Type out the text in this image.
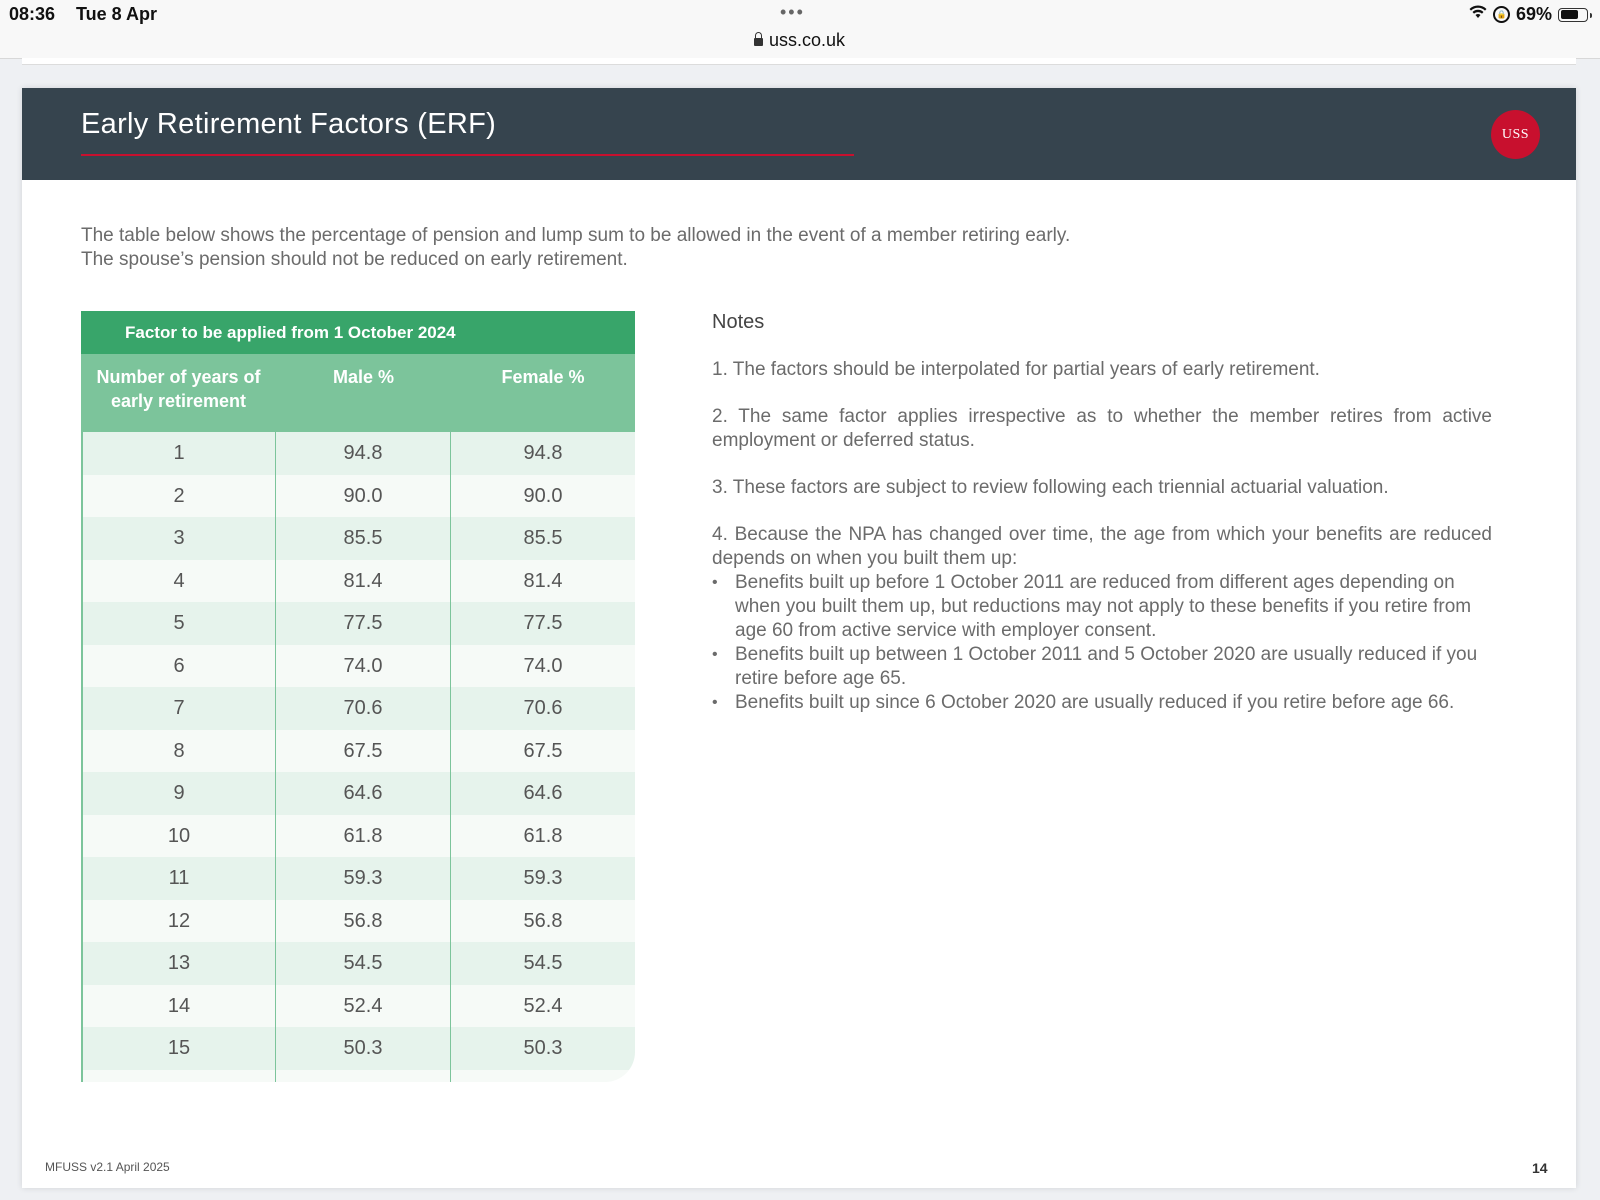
08:36 Tue 8 Apr	•••
uss.co.uk
🔒 69%
Early Retirement Factors (ERF)	USS

The table below shows the percentage of pension and lump sum to be allowed in the event of a member retiring early.

The spouse’s pension should not be reduced on early retirement.

Factor to be applied from 1 October 2024
Number of years of early retirement
Male %	Female %
1	94.8	94.8
2	90.0	90.0
3	85.5	85.5
4	81.4	81.4
5	77.5	77.5
6	74.0	74.0
7	70.6	70.6
8	67.5	67.5
9	64.6	64.6
10	61.8	61.8
11	59.3	59.3
12	56.8	56.8
13	54.5	54.5
14	52.4	52.4
15	50.3	50.3
Notes

1. The factors should be interpolated for partial years of early retirement.

2. The same factor applies irrespective as to whether the member retires from active employment or deferred status.

3. These factors are subject to review following each triennial actuarial valuation.

4. Because the NPA has changed over time, the age from which your benefits are reduced depends on when you built them up:

• Benefits built up before 1 October 2011 are reduced from different ages depending on when you built them up, but reductions may not apply to these benefits if you retire from age 60 from active service with employer consent.
• Benefits built up between 1 October 2011 and 5 October 2020 are usually reduced if you retire before age 65.
• Benefits built up since 6 October 2020 are usually reduced if you retire before age 66.
MFUSS v2.1 April 2025	14
